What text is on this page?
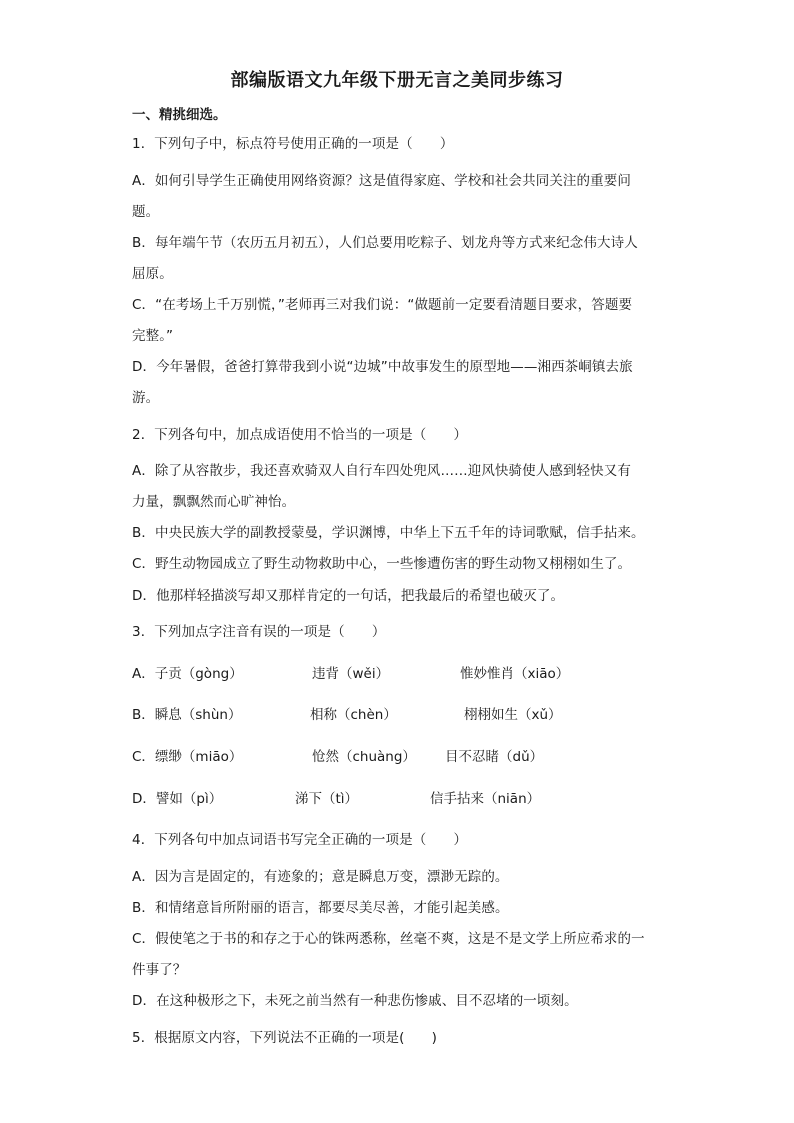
部编版语文九年级下册无言之美同步练习
一、精挑细选。
1．下列句子中，标点符号使用正确的一项是（　　）
A．如何引导学生正确使用网络资源？这是值得家庭、学校和社会共同关注的重要问
题。
B．每年端午节（农历五月初五），人们总要用吃粽子、划龙舟等方式来纪念伟大诗人
屈原。
C．“在考场上千万别慌，”老师再三对我们说：“做题前一定要看清题目要求，答题要
完整。”
D．今年暑假，爸爸打算带我到小说“边城”中故事发生的原型地——湘西茶峒镇去旅
游。
2．下列各句中，加点成语使用不恰当的一项是（　　）
A．除了从容散步，我还喜欢骑双人自行车四处兜风……迎风快骑使人感到轻快又有
力量，飘飘然而心旷神怡。
B．中央民族大学的副教授蒙曼，学识渊博，中华上下五千年的诗词歌赋，信手拈来。
C．野生动物园成立了野生动物救助中心，一些惨遭伤害的野生动物又栩栩如生了。
D．他那样轻描淡写却又那样肯定的一句话，把我最后的希望也破灭了。
3．下列加点字注音有误的一项是（　　）
A．子贡（gòng）	违背（wěi）	惟妙惟肖（xiāo）
B．瞬息（shùn）	相称（chèn）	栩栩如生（xǔ）
C．缥缈（miāo）	怆然（chuàng） 目不忍睹（dǔ）
D．譬如（pì）	涕下（tì）	信手拈来（niān）
4．下列各句中加点词语书写完全正确的一项是（　　）
A．因为言是固定的，有迹象的；意是瞬息万变，漂渺无踪的。
B．和情绪意旨所附丽的语言，都要尽美尽善，才能引起美感。
C．假使笔之于书的和存之于心的铢两悉称，丝毫不爽，这是不是文学上所应希求的一
件事了？
D．在这种极形之下，未死之前当然有一种悲伤惨戚、目不忍堵的一顷刻。
5．根据原文内容，下列说法不正确的一项是(　　)
